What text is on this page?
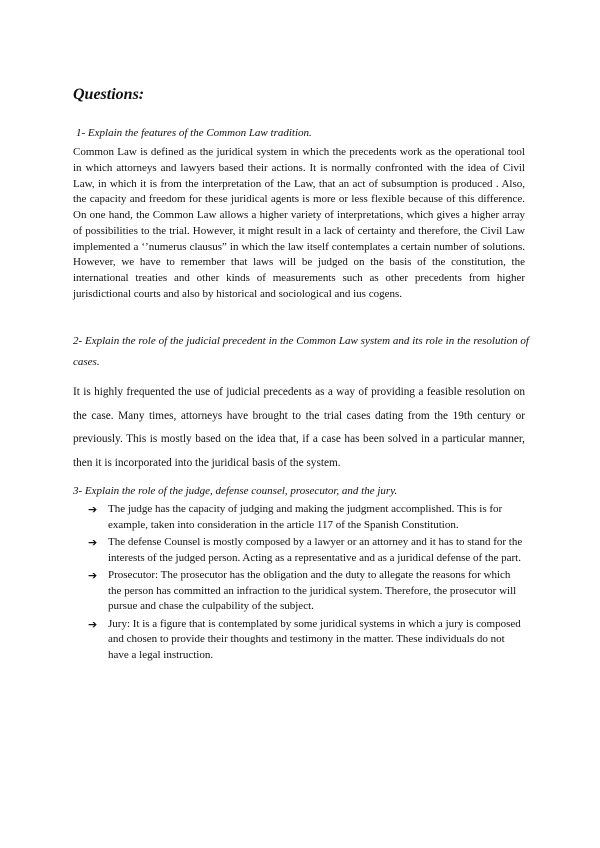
Questions:

1- Explain the features of the Common Law tradition.

Common Law is defined as the juridical system in which the precedents work as the operational tool in which attorneys and lawyers based their actions. It is normally confronted with the idea of Civil Law, in which it is from the interpretation of the Law, that an act of subsumption is produced . Also, the capacity and freedom for these juridical agents is more or less flexible because of this difference. On one hand, the Common Law allows a higher variety of interpretations, which gives a higher array of possibilities to the trial. However, it might result in a lack of certainty and therefore, the Civil Law implemented a ‘’numerus clausus” in which the law itself contemplates a certain number of solutions. However, we have to remember that laws will be judged on the basis of the constitution, the international treaties and other kinds of measurements such as other precedents from higher jurisdictional courts and also by historical and sociological and ius cogens.

2- Explain the role of the judicial precedent in the Common Law system and its role in the resolution of cases.

It is highly frequented the use of judicial precedents as a way of providing a feasible resolution on the case. Many times, attorneys have brought to the trial cases dating from the 19th century or previously. This is mostly based on the idea that, if a case has been solved in a particular manner, then it is incorporated into the juridical basis of the system.

3- Explain the role of the judge, defense counsel, prosecutor, and the jury.

➔ The judge has the capacity of judging and making the judgment accomplished. This is for example, taken into consideration in the article 117 of the Spanish Constitution.
➔ The defense Counsel is mostly composed by a lawyer or an attorney and it has to stand for the interests of the judged person. Acting as a representative and as a juridical defense of the part.
➔ Prosecutor: The prosecutor has the obligation and the duty to allegate the reasons for which the person has committed an infraction to the juridical system. Therefore, the prosecutor will pursue and chase the culpability of the subject.
➔ Jury: It is a figure that is contemplated by some juridical systems in which a jury is composed and chosen to provide their thoughts and testimony in the matter. These individuals do not have a legal instruction.
